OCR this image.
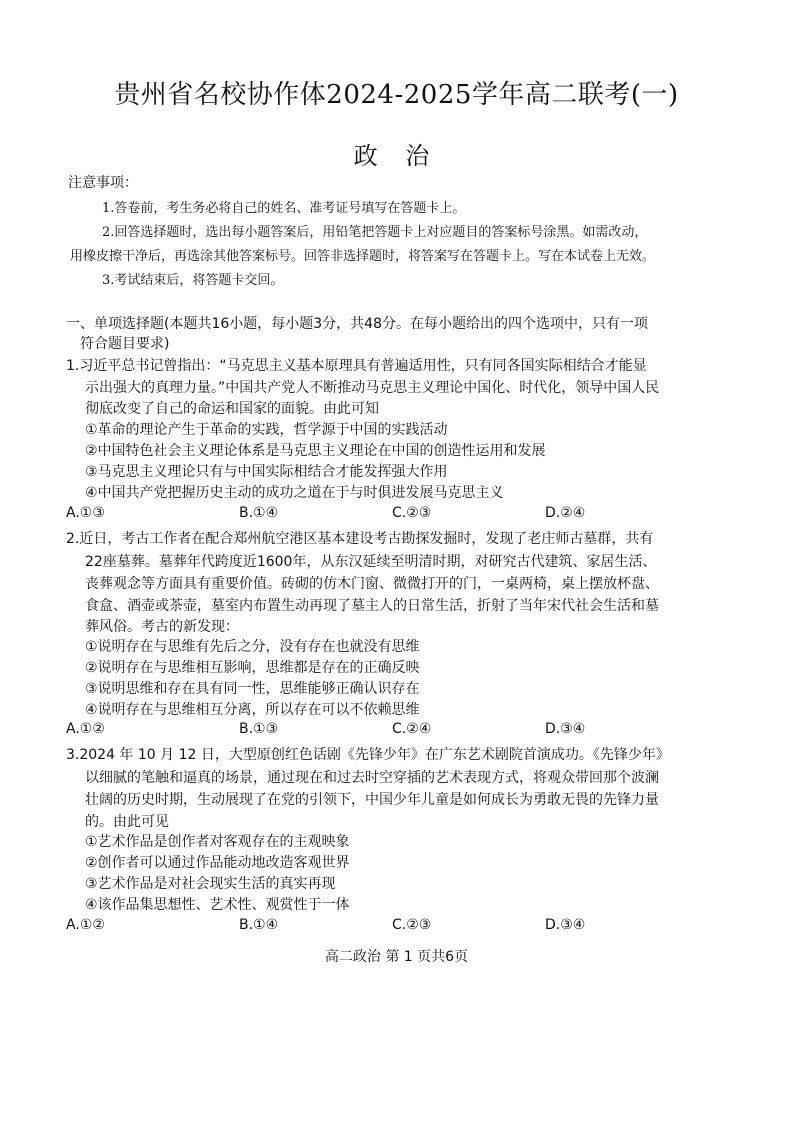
贵州省名校协作体2024-2025学年高二联考(一)
政 治
注意事项：
1.答卷前，考生务必将自己的姓名、准考证号填写在答题卡上。
2.回答选择题时，选出每小题答案后，用铅笔把答题卡上对应题目的答案标号涂黑。如需改动，
用橡皮擦干净后，再选涂其他答案标号。回答非选择题时，将答案写在答题卡上。写在本试卷上无效。
3.考试结束后，将答题卡交回。
一、单项选择题(本题共16小题，每小题3分，共48分。在每小题给出的四个选项中，只有一项
符合题目要求)
1.习近平总书记曾指出：“马克思主义基本原理具有普遍适用性，只有同各国实际相结合才能显
示出强大的真理力量。”中国共产党人不断推动马克思主义理论中国化、时代化，领导中国人民
彻底改变了自己的命运和国家的面貌。由此可知
①革命的理论产生于革命的实践，哲学源于中国的实践活动
②中国特色社会主义理论体系是马克思主义理论在中国的创造性运用和发展
③马克思主义理论只有与中国实际相结合才能发挥强大作用
④中国共产党把握历史主动的成功之道在于与时俱进发展马克思主义
A.①③	B.①④	C.②③	D.②④
2.近日，考古工作者在配合郑州航空港区基本建设考古勘探发掘时，发现了老庄师古墓群，共有
22座墓葬。墓葬年代跨度近1600年，从东汉延续至明清时期，对研究古代建筑、家居生活、
丧葬观念等方面具有重要价值。砖砌的仿木门窗、微微打开的门，一桌两椅，桌上摆放杯盘、
食盒、酒壶或茶壶，墓室内布置生动再现了墓主人的日常生活，折射了当年宋代社会生活和墓
葬风俗。考古的新发现：
①说明存在与思维有先后之分，没有存在也就没有思维
②说明存在与思维相互影响，思维都是存在的正确反映
③说明思维和存在具有同一性，思维能够正确认识存在
④说明存在与思维相互分离，所以存在可以不依赖思维
A.①②	B.①③	C.②④	D.③④
3.2024 年 10 月 12 日，大型原创红色话剧《先锋少年》在广东艺术剧院首演成功。《先锋少年》
以细腻的笔触和逼真的场景，通过现在和过去时空穿插的艺术表现方式，将观众带回那个波澜
壮阔的历史时期，生动展现了在党的引领下，中国少年儿童是如何成长为勇敢无畏的先锋力量
的。由此可见
①艺术作品是创作者对客观存在的主观映象
②创作者可以通过作品能动地改造客观世界
③艺术作品是对社会现实生活的真实再现
④该作品集思想性、艺术性、观赏性于一体
A.①②	B.①④	C.②③	D.③④
高二政治 第 1 页共6页
